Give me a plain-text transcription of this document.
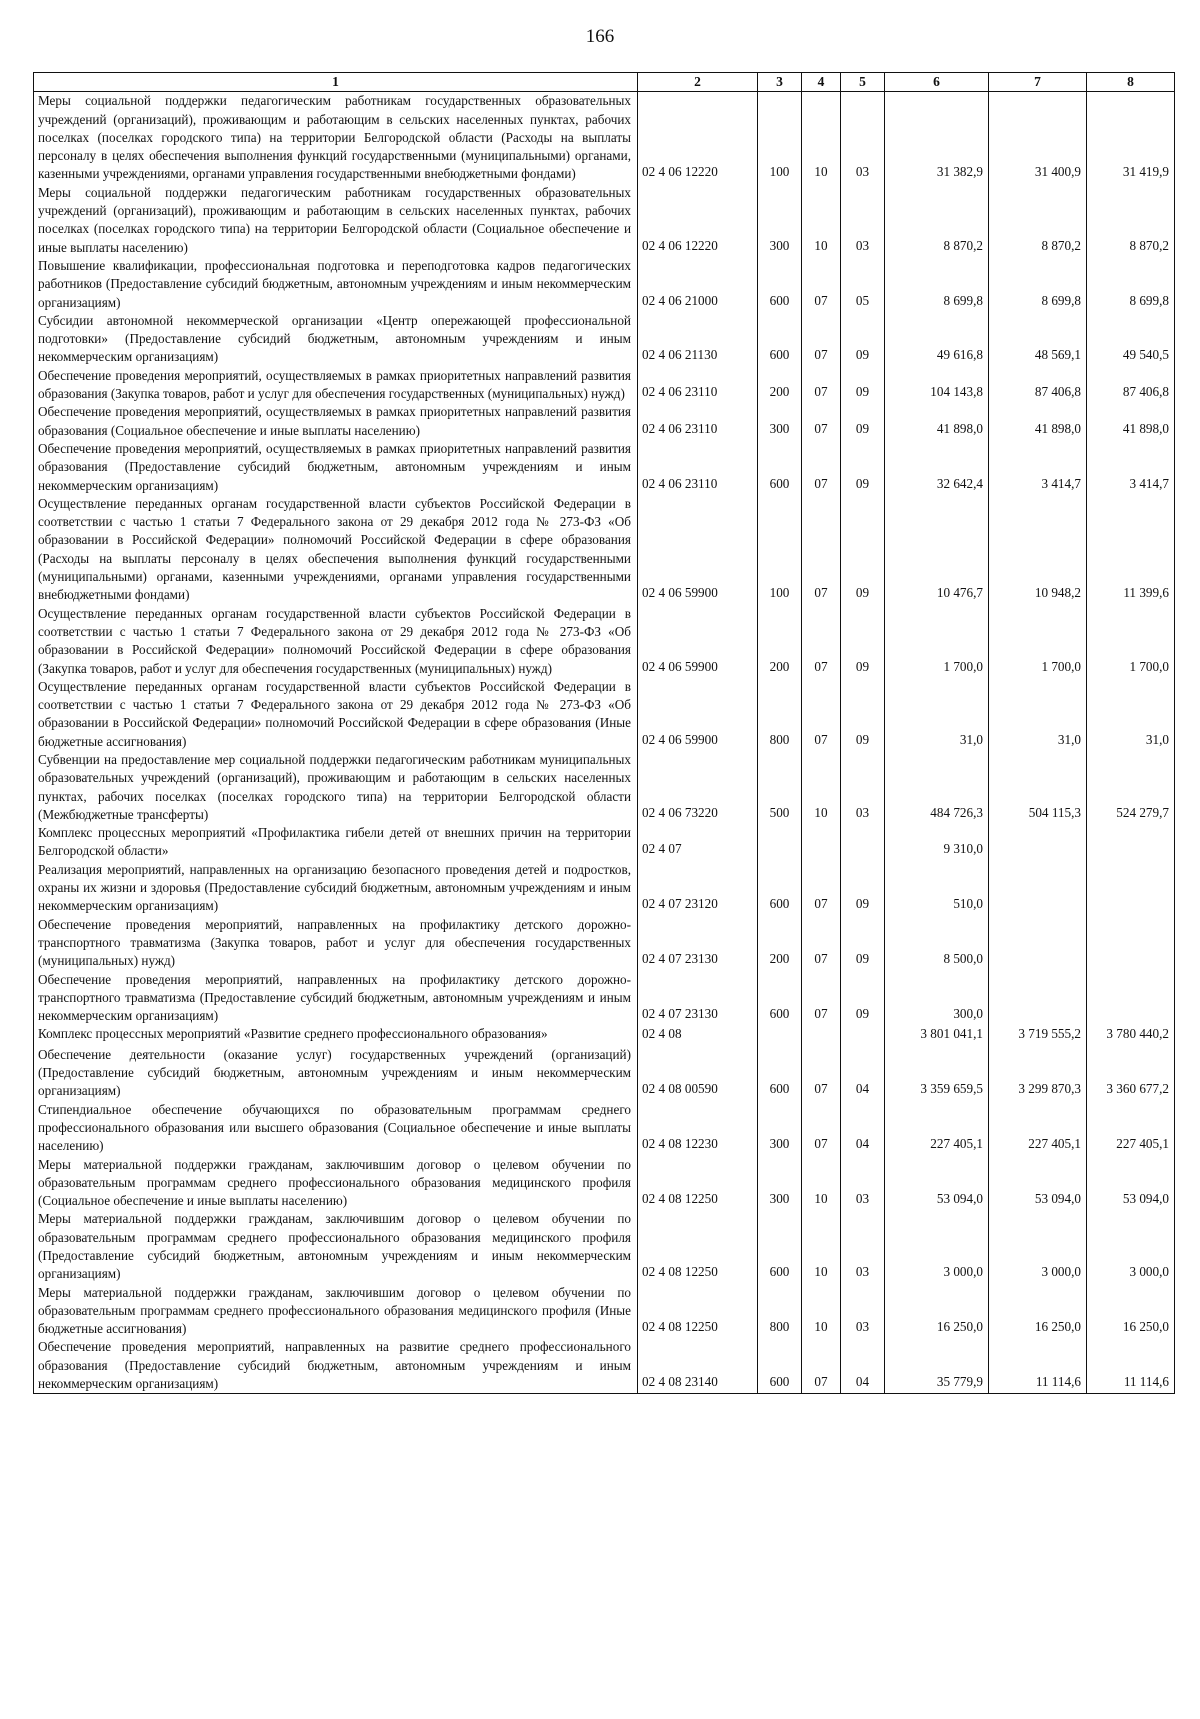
166
1	2	3	4	5	6	7	8
Меры социальной поддержки педагогическим работникам государственных образовательных учреждений (организаций), проживающим и работающим в сельских населенных пунктах, рабочих поселках (поселках городского типа) на территории Белгородской области (Расходы на выплаты персоналу в целях обеспечения выполнения функций государственными (муниципальными) органами, казенными учреждениями, органами управления государственными внебюджетными фондами)	02 4 06 12220	100	10	03	31 382,9	31 400,9	31 419,9
Меры социальной поддержки педагогическим работникам государственных образовательных учреждений (организаций), проживающим и работающим в сельских населенных пунктах, рабочих поселках (поселках городского типа) на территории Белгородской области (Социальное обеспечение и иные выплаты населению)	02 4 06 12220	300	10	03	8 870,2	8 870,2	8 870,2
Повышение квалификации, профессиональная подготовка и переподготовка кадров педагогических работников (Предоставление субсидий бюджетным, автономным учреждениям и иным некоммерческим организациям)	02 4 06 21000	600	07	05	8 699,8	8 699,8	8 699,8
Субсидии автономной некоммерческой организации «Центр опережающей профессиональной подготовки» (Предоставление субсидий бюджетным, автономным учреждениям и иным некоммерческим организациям)	02 4 06 21130	600	07	09	49 616,8	48 569,1	49 540,5
Обеспечение проведения мероприятий, осуществляемых в рамках приоритетных направлений развития образования (Закупка товаров, работ и услуг для обеспечения государственных (муниципальных) нужд)	02 4 06 23110	200	07	09	104 143,8	87 406,8	87 406,8
Обеспечение проведения мероприятий, осуществляемых в рамках приоритетных направлений развития образования (Социальное обеспечение и иные выплаты населению)	02 4 06 23110	300	07	09	41 898,0	41 898,0	41 898,0
Обеспечение проведения мероприятий, осуществляемых в рамках приоритетных направлений развития образования (Предоставление субсидий бюджетным, автономным учреждениям и иным некоммерческим организациям)	02 4 06 23110	600	07	09	32 642,4	3 414,7	3 414,7
Осуществление переданных органам государственной власти субъектов Российской Федерации в соответствии с частью 1 статьи 7 Федерального закона от 29 декабря 2012 года № 273-ФЗ «Об образовании в Российской Федерации» полномочий Российской Федерации в сфере образования (Расходы на выплаты персоналу в целях обеспечения выполнения функций государственными (муниципальными) органами, казенными учреждениями, органами управления государственными внебюджетными фондами)	02 4 06 59900	100	07	09	10 476,7	10 948,2	11 399,6
Осуществление переданных органам государственной власти субъектов Российской Федерации в соответствии с частью 1 статьи 7 Федерального закона от 29 декабря 2012 года № 273-ФЗ «Об образовании в Российской Федерации» полномочий Российской Федерации в сфере образования (Закупка товаров, работ и услуг для обеспечения государственных (муниципальных) нужд)	02 4 06 59900	200	07	09	1 700,0	1 700,0	1 700,0
Осуществление переданных органам государственной власти субъектов Российской Федерации в соответствии с частью 1 статьи 7 Федерального закона от 29 декабря 2012 года № 273-ФЗ «Об образовании в Российской Федерации» полномочий Российской Федерации в сфере образования (Иные бюджетные ассигнования)	02 4 06 59900	800	07	09	31,0	31,0	31,0
Субвенции на предоставление мер социальной поддержки педагогическим работникам муниципальных образовательных учреждений (организаций), проживающим и работающим в сельских населенных пунктах, рабочих поселках (поселках городского типа) на территории Белгородской области (Межбюджетные трансферты)	02 4 06 73220	500	10	03	484 726,3	504 115,3	524 279,7
Комплекс процессных мероприятий «Профилактика гибели детей от внешних причин на территории Белгородской области»	02 4 07				9 310,0		
Реализация мероприятий, направленных на организацию безопасного проведения детей и подростков, охраны их жизни и здоровья (Предоставление субсидий бюджетным, автономным учреждениям и иным некоммерческим организациям)	02 4 07 23120	600	07	09	510,0		
Обеспечение проведения мероприятий, направленных на профилактику детского дорожно-транспортного травматизма (Закупка товаров, работ и услуг для обеспечения государственных (муниципальных) нужд)	02 4 07 23130	200	07	09	8 500,0		
Обеспечение проведения мероприятий, направленных на профилактику детского дорожно-транспортного травматизма (Предоставление субсидий бюджетным, автономным учреждениям и иным некоммерческим организациям)	02 4 07 23130	600	07	09	300,0		
Комплекс процессных мероприятий «Развитие среднего профессионального образования»	02 4 08				3 801 041,1	3 719 555,2	3 780 440,2
Обеспечение деятельности (оказание услуг) государственных учреждений (организаций) (Предоставление субсидий бюджетным, автономным учреждениям и иным некоммерческим организациям)	02 4 08 00590	600	07	04	3 359 659,5	3 299 870,3	3 360 677,2
Стипендиальное обеспечение обучающихся по образовательным программам среднего профессионального образования или высшего образования (Социальное обеспечение и иные выплаты населению)	02 4 08 12230	300	07	04	227 405,1	227 405,1	227 405,1
Меры материальной поддержки гражданам, заключившим договор о целевом обучении по образовательным программам среднего профессионального образования медицинского профиля (Социальное обеспечение и иные выплаты населению)	02 4 08 12250	300	10	03	53 094,0	53 094,0	53 094,0
Меры материальной поддержки гражданам, заключившим договор о целевом обучении по образовательным программам среднего профессионального образования медицинского профиля (Предоставление субсидий бюджетным, автономным учреждениям и иным некоммерческим организациям)	02 4 08 12250	600	10	03	3 000,0	3 000,0	3 000,0
Меры материальной поддержки гражданам, заключившим договор о целевом обучении по образовательным программам среднего профессионального образования медицинского профиля (Иные бюджетные ассигнования)	02 4 08 12250	800	10	03	16 250,0	16 250,0	16 250,0
Обеспечение проведения мероприятий, направленных на развитие среднего профессионального образования (Предоставление субсидий бюджетным, автономным учреждениям и иным некоммерческим организациям)	02 4 08 23140	600	07	04	35 779,9	11 114,6	11 114,6
